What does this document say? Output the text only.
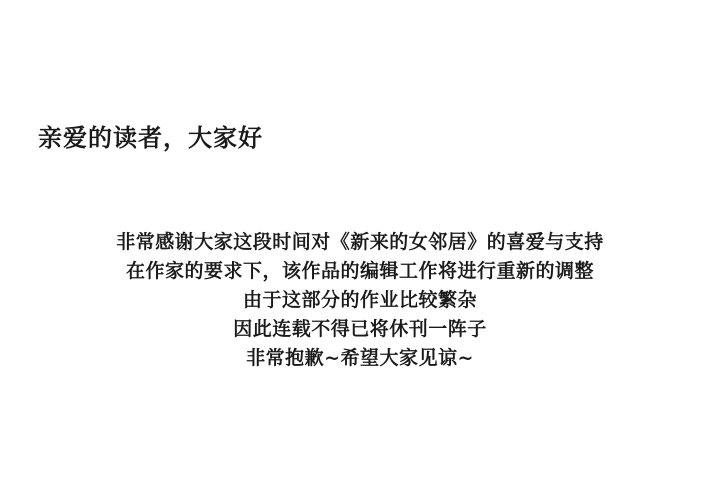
亲爱的读者，大家好
非常感谢大家这段时间对《新来的女邻居》的喜爱与支持
在作家的要求下，该作品的编辑工作将进行重新的调整
由于这部分的作业比较繁杂
因此连载不得已将休刊一阵子
非常抱歉~希望大家见谅~
